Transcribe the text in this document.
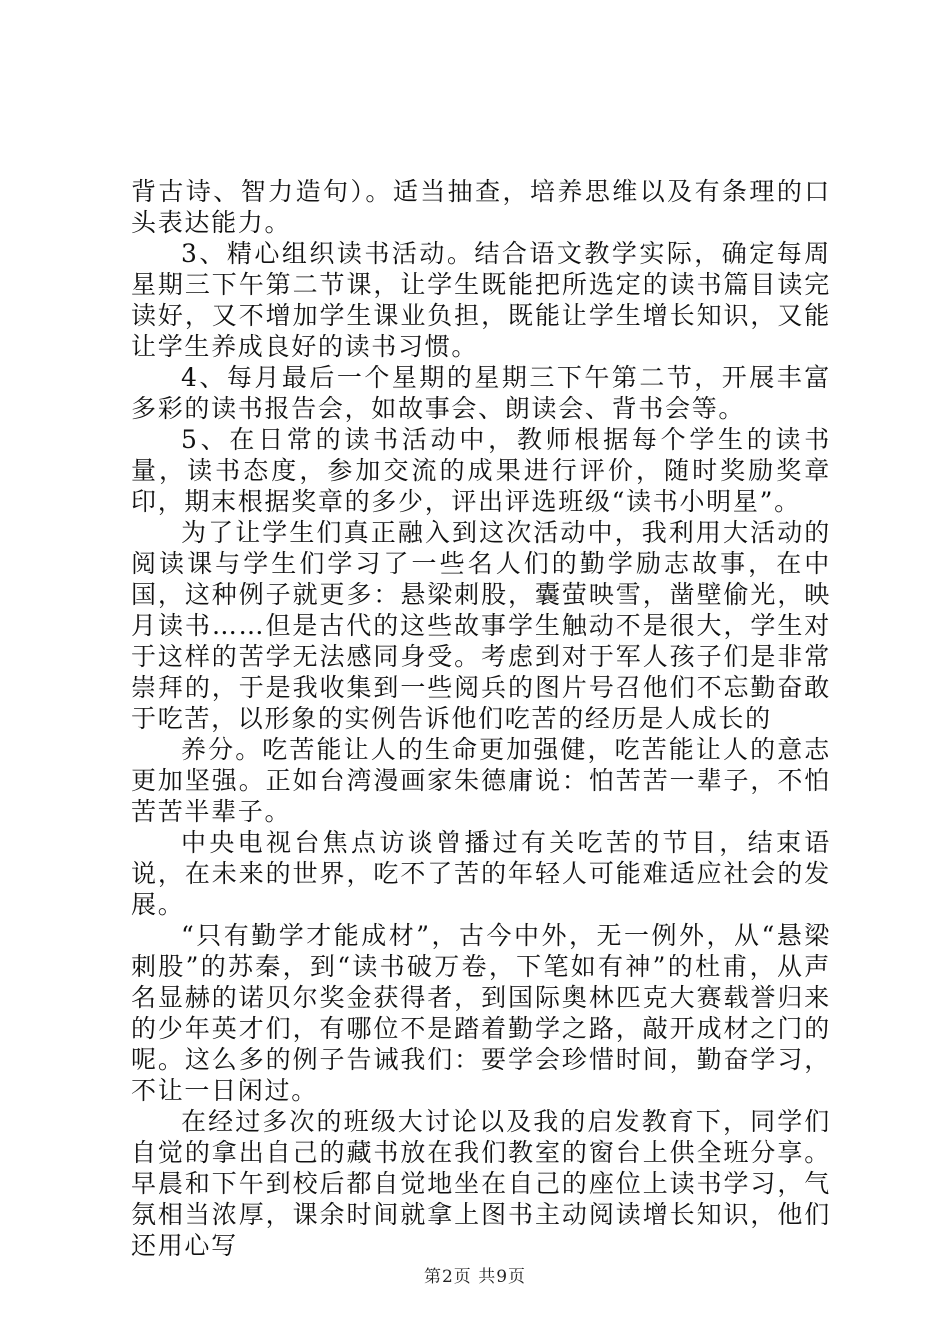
背古诗、智力造句）。适当抽查，培养思维以及有条理的口头表达能力。

3、精心组织读书活动。结合语文教学实际，确定每周星期三下午第二节课，让学生既能把所选定的读书篇目读完读好，又不增加学生课业负担，既能让学生增长知识，又能让学生养成良好的读书习惯。

4、每月最后一个星期的星期三下午第二节，开展丰富多彩的读书报告会，如故事会、朗读会、背书会等。

5、在日常的读书活动中，教师根据每个学生的读书量，读书态度，参加交流的成果进行评价，随时奖励奖章印，期末根据奖章的多少，评出评选班级“读书小明星”。

为了让学生们真正融入到这次活动中，我利用大活动的阅读课与学生们学习了一些名人们的勤学励志故事，在中国，这种例子就更多：悬梁刺股，囊萤映雪，凿壁偷光，映月读书……但是古代的这些故事学生触动不是很大，学生对于这样的苦学无法感同身受。考虑到对于军人孩子们是非常崇拜的，于是我收集到一些阅兵的图片号召他们不忘勤奋敢于吃苦，以形象的实例告诉他们吃苦的经历是人成长的

养分。吃苦能让人的生命更加强健，吃苦能让人的意志更加坚强。正如台湾漫画家朱德庸说：怕苦苦一辈子，不怕苦苦半辈子。

中央电视台焦点访谈曾播过有关吃苦的节目，结束语说，在未来的世界，吃不了苦的年轻人可能难适应社会的发展。

“只有勤学才能成材”，古今中外，无一例外，从“悬梁刺股”的苏秦，到“读书破万卷，下笔如有神”的杜甫，从声名显赫的诺贝尔奖金获得者，到国际奥林匹克大赛载誉归来的少年英才们，有哪位不是踏着勤学之路，敲开成材之门的呢。这么多的例子告诫我们：要学会珍惜时间，勤奋学习，不让一日闲过。

在经过多次的班级大讨论以及我的启发教育下，同学们自觉的拿出自己的藏书放在我们教室的窗台上供全班分享。早晨和下午到校后都自觉地坐在自己的座位上读书学习，气氛相当浓厚，课余时间就拿上图书主动阅读增长知识，他们还用心写

第2页 共9页
